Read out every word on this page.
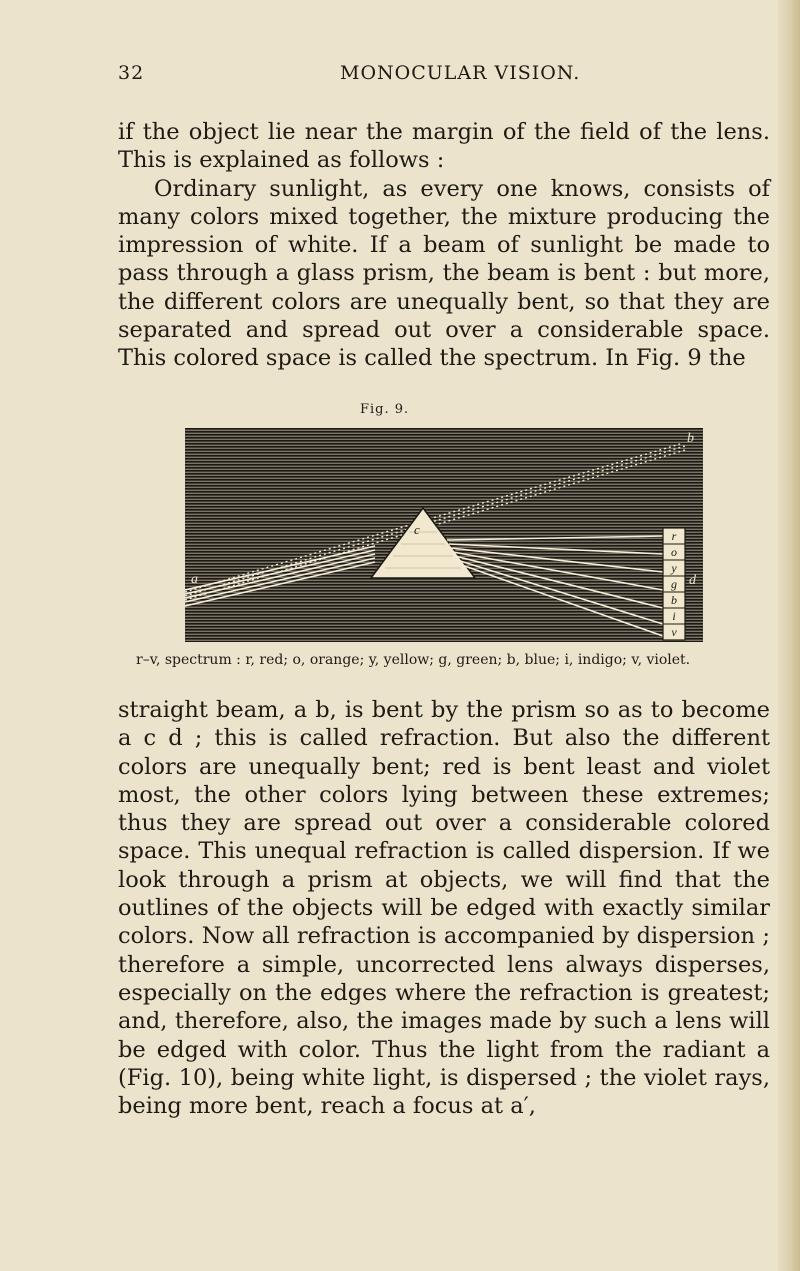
32	MONOCULAR VISION.

if the object lie near the margin of the field of the lens. This is explained as follows :

Ordinary sunlight, as every one knows, consists of many colors mixed together, the mixture producing the impression of white. If a beam of sunlight be made to pass through a glass prism, the beam is bent : but more, the different colors are unequally bent, so that they are separated and spread out over a considerable space. This colored space is called the spectrum. In Fig. 9 the

Fig. 9.
a
b
d
c	r
o
y
g
b
i
v
r–v, spectrum : r, red; o, orange; y, yellow; g, green; b, blue; i, indigo; v, violet.

straight beam, a b, is bent by the prism so as to become a c d ; this is called refraction. But also the different colors are unequally bent; red is bent least and violet most, the other colors lying between these extremes; thus they are spread out over a considerable colored space. This unequal refraction is called dispersion. If we look through a prism at objects, we will find that the outlines of the objects will be edged with exactly similar colors. Now all refraction is accompanied by dispersion ; therefore a simple, uncorrected lens always disperses, especially on the edges where the refraction is greatest; and, therefore, also, the images made by such a lens will be edged with color. Thus the light from the radiant a (Fig. 10), being white light, is dispersed ; the violet rays, being more bent, reach a focus at a′,
